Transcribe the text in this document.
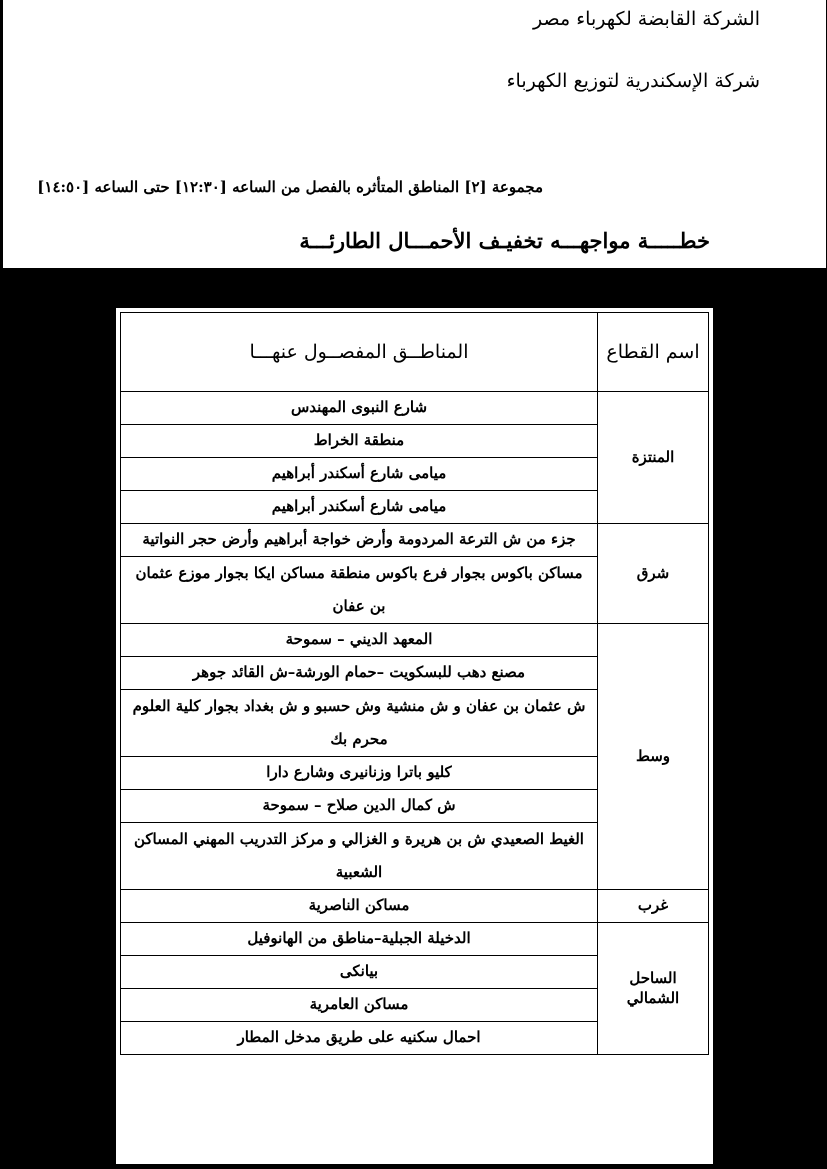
الشركة القابضة لكهرباء مصر
شركة الإسكندرية لتوزيع الكهرباء
مجموعة [٢] المناطق المتأثره بالفصل من الساعه [١٢:٣٠] حتى الساعه [١٤:٥٠]
خطـــــة مواجهـــه تخفيـف الأحمـــال الطارئـــة
اسم القطاع	المناطــق المفصــول عنهـــا
المنتزة	شارع النبوى المهندس
	منطقة الخراط
	ميامى شارع أسكندر أبراهيم
	ميامى شارع أسكندر أبراهيم
شرق	جزء من ش الترعة المردومة وأرض خواجة أبراهيم وأرض حجر النواتية
	مساكن باكوس بجوار فرع باكوس منطقة مساكن ايكا بجوار موزع عثمان بن عفان
وسط	المعهد الديني – سموحة
	مصنع دهب للبسكويت –حمام الورشة–ش القائد جوهر
	ش عثمان بن عفان و ش منشية وش حسبو و ش بغداد بجوار كلية العلوم محرم بك
	كليو باترا وزنانيرى وشارع دارا
	ش كمال الدين صلاح – سموحة
	الغيط الصعيدي ش بن هريرة و الغزالي و مركز التدريب المهني المساكن الشعبية
غرب	مساكن الناصرية
الساحل الشمالي	الدخيلة الجبلية–مناطق من الهانوفيل
	بيانكى
	مساكن العامرية
	احمال سكنيه على طريق مدخل المطار
